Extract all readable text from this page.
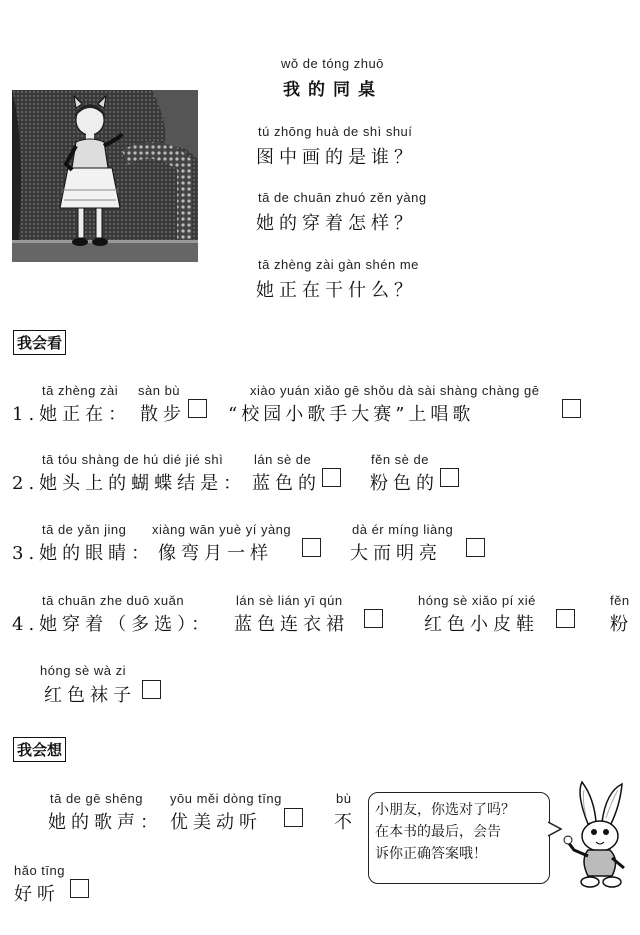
wǒ de tóng zhuō
我的同桌
tú zhōng huà de shì shuí
图中画的是谁？
tā de chuān zhuó zěn yàng
她的穿着怎样？
tā zhèng zài gàn shén me
她正在干什么？
我会看
tā zhèng zài
1.她正在：
sàn bù
散步
xiào yuán xiǎo gē shǒu dà sài shàng chàng gē
“校园小歌手大赛”上唱歌
tā tóu shàng de hú dié jié shì
2.她头上的蝴蝶结是：
lán sè de
蓝色的
fěn sè de
粉色的
tā de yǎn jing
3.她的眼睛：
xiàng wān yuè yí yàng
像弯月一样
dà ér míng liàng
大而明亮
tā chuān zhe duō xuǎn
4.她穿着（多选）：
lán sè lián yī qún
蓝色连衣裙
hóng sè xiǎo pí xié
红色小皮鞋
fěn
粉
hóng sè wà zi
红色袜子
我会想
tā de gē shēng
她的歌声：
yōu měi dòng tīng
优美动听
bù
不
hǎo tīng
好听
小朋友，你选对了吗？
在本书的最后，会告
诉你正确答案哦！
